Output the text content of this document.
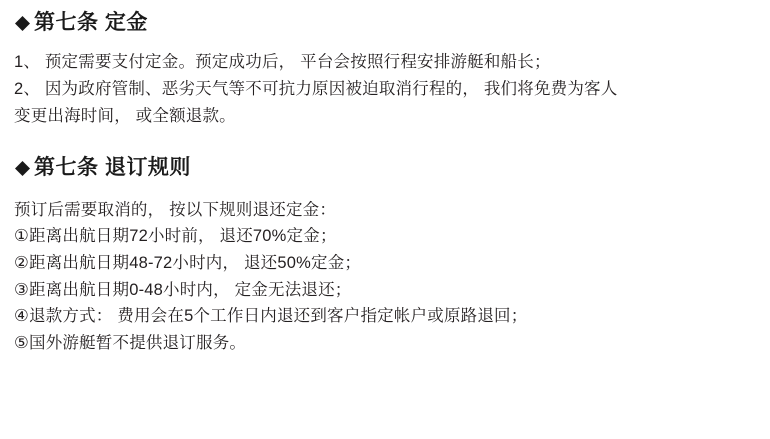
第七条
定金

1、 预定需要支付定金。预定成功后， 平台会按照行程安排游艇和船长；

2、 因为政府管制、恶劣天气等不可抗力原因被迫取消行程的， 我们将免费为客人

变更出海时间， 或全额退款。

第七条
退订规则

预订后需要取消的， 按以下规则退还定金：

①距离出航日期72小时前， 退还70%定金；

②距离出航日期48-72小时内， 退还50%定金；

③距离出航日期0-48小时内， 定金无法退还；

④退款方式： 费用会在5个工作日内退还到客户指定帐户或原路退回；

⑤国外游艇暂不提供退订服务。
